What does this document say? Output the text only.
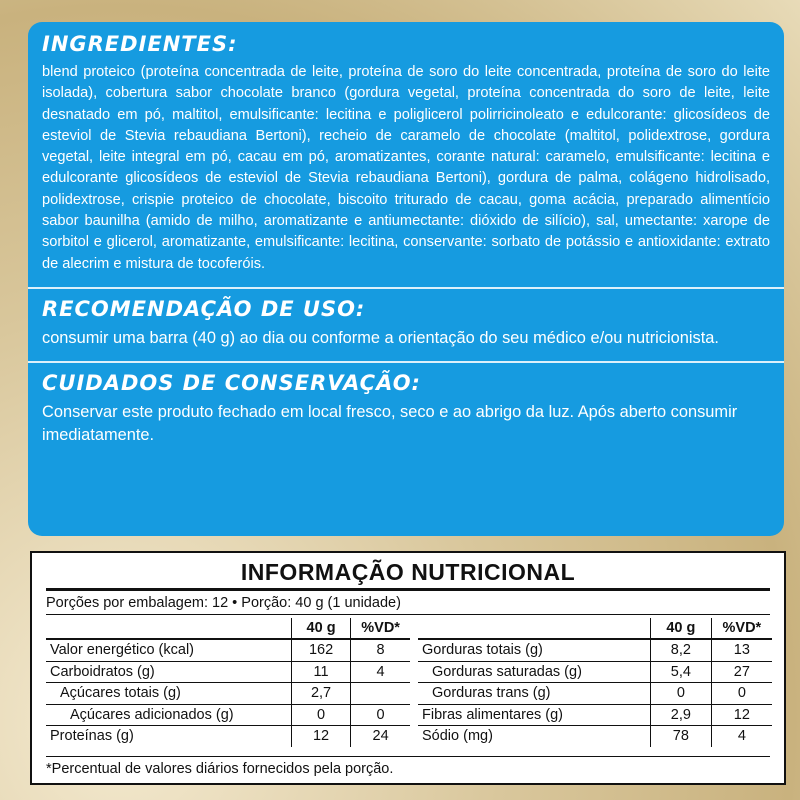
INGREDIENTES:

blend proteico (proteína concentrada de leite, proteína de soro do leite concentrada, proteína de soro do leite isolada), cobertura sabor chocolate branco (gordura vegetal, proteína concentrada do soro de leite, leite desnatado em pó, maltitol, emulsificante: lecitina e poliglicerol polirricinoleato e edulcorante: glicosídeos de esteviol de Stevia rebaudiana Bertoni), recheio de caramelo de chocolate (maltitol, polidextrose, gordura vegetal, leite integral em pó, cacau em pó, aromatizantes, corante natural: caramelo, emulsificante: lecitina e edulcorante glicosídeos de esteviol de Stevia rebaudiana Bertoni), gordura de palma, colágeno hidrolisado, polidextrose, crispie proteico de chocolate, biscoito triturado de cacau, goma acácia, preparado alimentício sabor baunilha (amido de milho, aromatizante e antiumectante: dióxido de silício), sal, umectante: xarope de sorbitol e glicerol, aromatizante, emulsificante: lecitina, conservante: sorbato de potássio e antioxidante: extrato de alecrim e mistura de tocoferóis.

RECOMENDAÇÃO DE USO:

consumir uma barra (40 g) ao dia ou conforme a orientação do seu médico e/ou nutricionista.

CUIDADOS DE CONSERVAÇÃO:

Conservar este produto fechado em local fresco, seco e ao abrigo da luz. Após aberto consumir imediatamente.

INFORMAÇÃO NUTRICIONAL
Porções por embalagem: 12 • Porção: 40 g (1 unidade)
	40 g	%VD*
Valor energético (kcal)	162	8
Carboidratos (g)	11	4
Açúcares totais (g)	2,7	
Açúcares adicionados (g)	0	0
Proteínas (g)	12	24
	40 g	%VD*
Gorduras totais (g)	8,2	13
Gorduras saturadas (g)	5,4	27
Gorduras trans (g)	0	0
Fibras alimentares (g)	2,9	12
Sódio (mg)	78	4
*Percentual de valores diários fornecidos pela porção.
